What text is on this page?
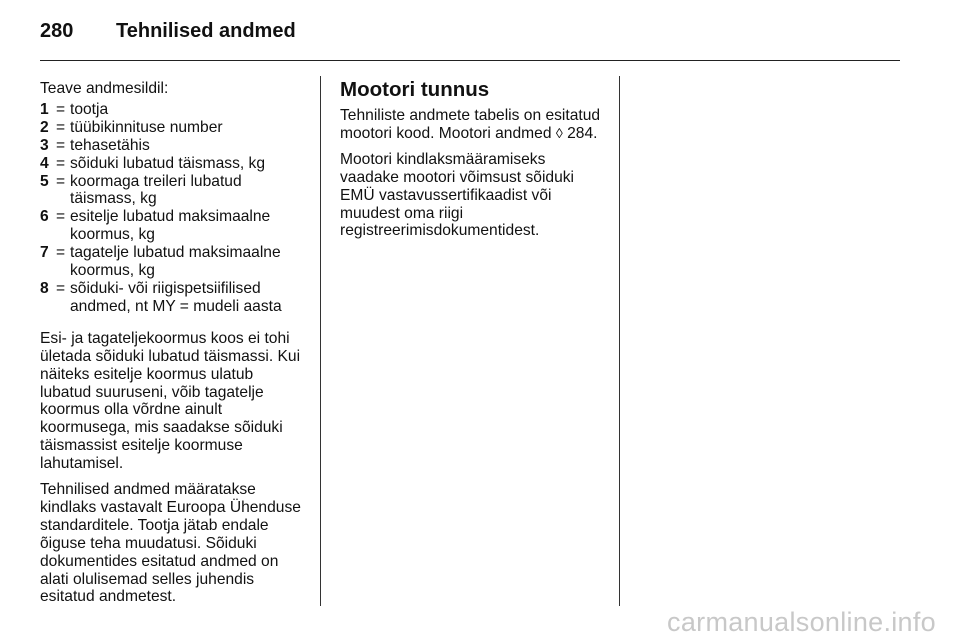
280 Tehnilised andmed

Teave andmesildil:

1 = tootja
2 = tüübikinnituse number
3 = tehasetähis
4 = sõiduki lubatud täismass, kg
5 = koormaga treileri lubatud täismass, kg
6 = esitelje lubatud maksimaalne koormus, kg
7 = tagatelje lubatud maksimaalne koormus, kg
8 = sõiduki- või riigispetsiifilised andmed, nt MY = mudeli aasta

Esi- ja tagateljekoormus koos ei tohi ületada sõiduki lubatud täismassi. Kui näiteks esitelje koormus ulatub lubatud suuruseni, võib tagatelje koormus olla võrdne ainult koormusega, mis saadakse sõiduki täismassist esitelje koormuse lahutamisel.

Tehnilised andmed määratakse kindlaks vastavalt Euroopa Ühenduse standarditele. Tootja jätab endale õiguse teha muudatusi. Sõiduki dokumentides esitatud andmed on alati olulisemad selles juhendis esitatud andmetest.

Mootori tunnus

Tehniliste andmete tabelis on esitatud mootori kood. Mootori andmed ◊ 284.

Mootori kindlaksmääramiseks vaadake mootori võimsust sõiduki EMÜ vastavussertifikaadist või muudest oma riigi registreerimisdokumentidest.

carmanualsonline.info
